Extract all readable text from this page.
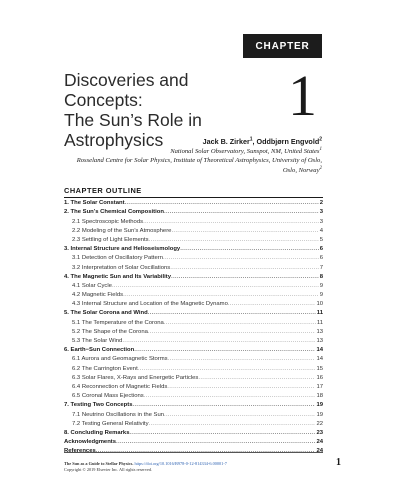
CHAPTER
Discoveries and Concepts:
The Sun’s Role in
Astrophysics
1
Jack B. Zirker$^1$, Oddbjørn Engvold$^2$
National Solar Observatory, Sunspot, NM, United States$^1$
Rosseland Centre for Solar Physics, Institute of Theoretical Astrophysics, University of Oslo,
Oslo, Norway$^2$
CHAPTER OUTLINE
1. The Solar Constant .....	2
2. The Sun’s Chemical Composition .....	3
2.1 Spectroscopic Methods .....	3
2.2 Modeling of the Sun’s Atmosphere .....	4
2.3 Settling of Light Elements .....	5
3. Internal Structure and Helioseismology .....	6
3.1 Detection of Oscillatory Pattern .....	6
3.2 Interpretation of Solar Oscillations .....	7
4. The Magnetic Sun and Its Variability .....	8
4.1 Solar Cycle .....	9
4.2 Magnetic Fields .....	9
4.3 Internal Structure and Location of the Magnetic Dynamo .....	10
5. The Solar Corona and Wind .....	11
5.1 The Temperature of the Corona .....	11
5.2 The Shape of the Corona .....	13
5.3 The Solar Wind .....	13
6. Earth−Sun Connection .....	14
6.1 Aurora and Geomagnetic Storms .....	14
6.2 The Carrington Event .....	15
6.3 Solar Flares, X-Rays and Energetic Particles .....	16
6.4 Reconnection of Magnetic Fields .....	17
6.5 Coronal Mass Ejections .....	18
7. Testing Two Concepts .....	19
7.1 Neutrino Oscillations in the Sun .....	19
7.2 Testing General Relativity .....	22
8. Concluding Remarks .....	23
Acknowledgments .....	24
References .....	24
The Sun as a Guide to Stellar Physics. https://doi.org/10.1016/B978-0-12-814334-6.00001-7
Copyright © 2019 Elsevier Inc. All rights reserved.
1
